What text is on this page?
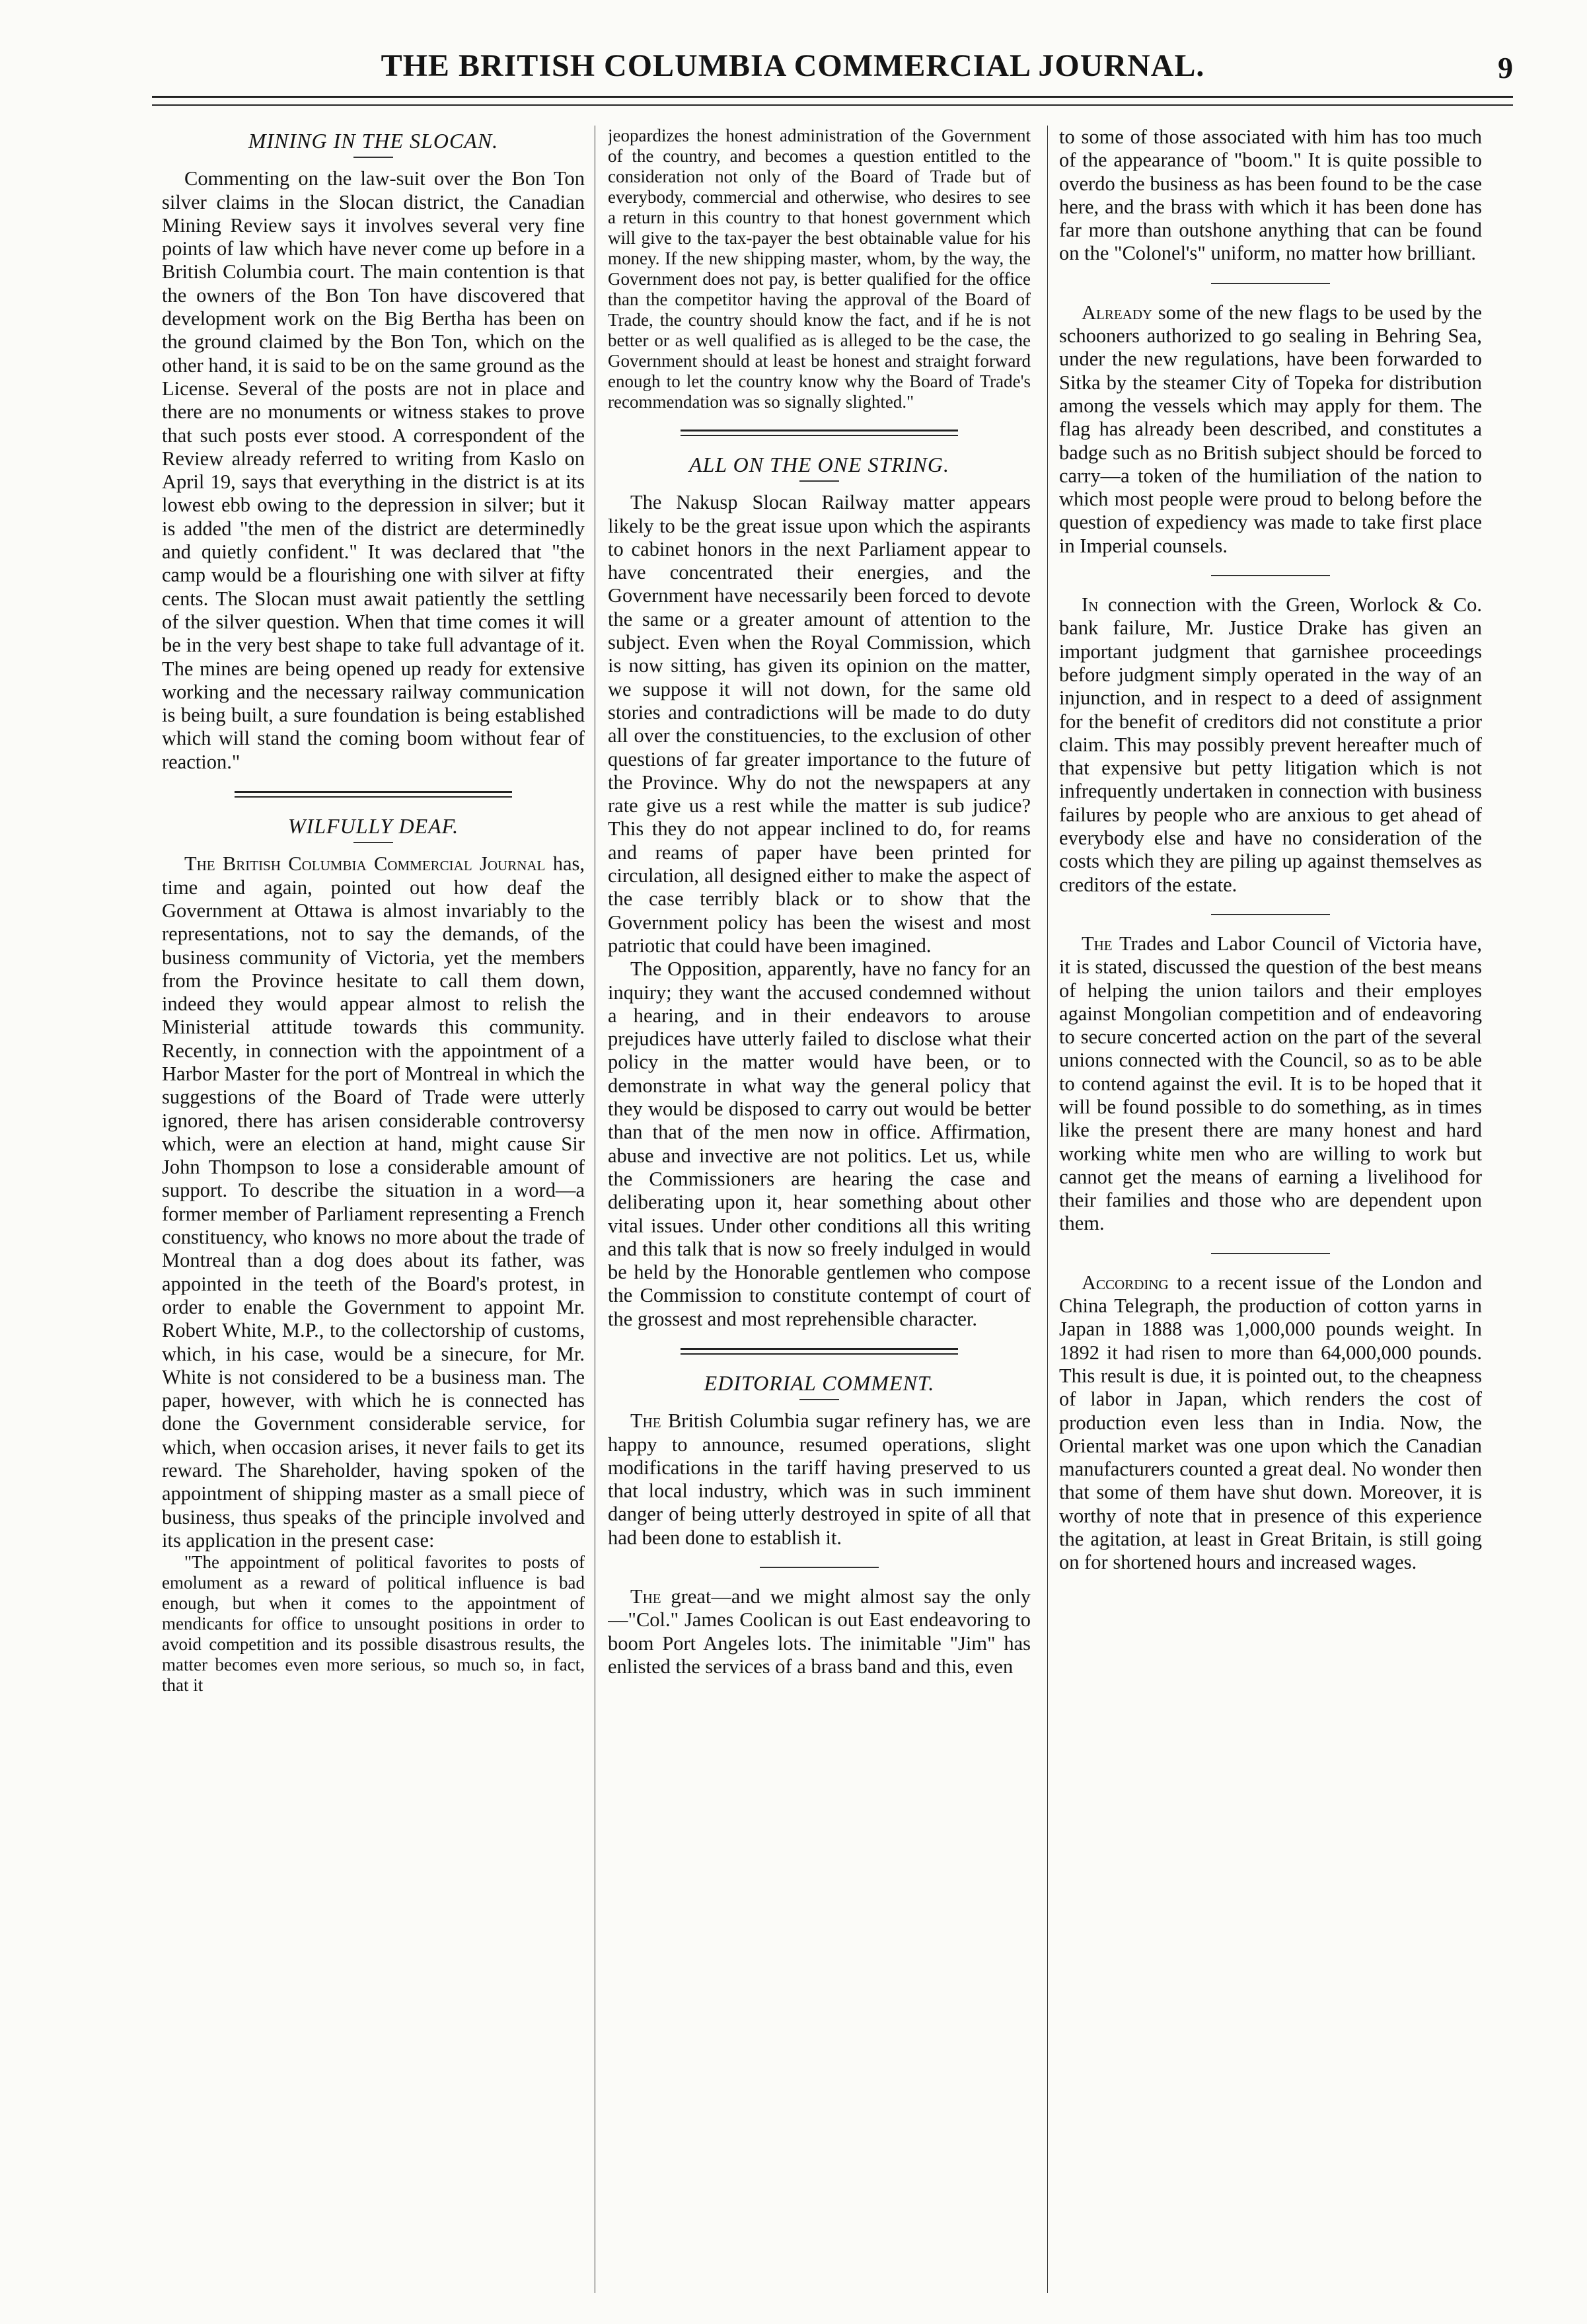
THE BRITISH COLUMBIA COMMERCIAL JOURNAL.	9
MINING IN THE SLOCAN.

Commenting on the law-suit over the Bon Ton silver claims in the Slocan district, the Canadian Mining Review says it involves several very fine points of law which have never come up before in a British Columbia court. The main contention is that the owners of the Bon Ton have discovered that development work on the Big Bertha has been on the ground claimed by the Bon Ton, which on the other hand, it is said to be on the same ground as the License. Several of the posts are not in place and there are no monuments or witness stakes to prove that such posts ever stood. A correspondent of the Review already referred to writing from Kaslo on April 19, says that everything in the district is at its lowest ebb owing to the depression in silver; but it is added "the men of the district are determinedly and quietly confident." It was declared that "the camp would be a flourishing one with silver at fifty cents. The Slocan must await patiently the settling of the silver question. When that time comes it will be in the very best shape to take full advantage of it. The mines are being opened up ready for extensive working and the necessary railway communication is being built, a sure foundation is being established which will stand the coming boom without fear of reaction."

WILFULLY DEAF.

The British Columbia Commercial Journal has, time and again, pointed out how deaf the Government at Ottawa is almost invariably to the representations, not to say the demands, of the business community of Victoria, yet the members from the Province hesitate to call them down, indeed they would appear almost to relish the Ministerial attitude towards this community. Recently, in connection with the appointment of a Harbor Master for the port of Montreal in which the suggestions of the Board of Trade were utterly ignored, there has arisen considerable controversy which, were an election at hand, might cause Sir John Thompson to lose a considerable amount of support. To describe the situation in a word—a former member of Parliament representing a French constituency, who knows no more about the trade of Montreal than a dog does about its father, was appointed in the teeth of the Board's protest, in order to enable the Government to appoint Mr. Robert White, M.P., to the collectorship of customs, which, in his case, would be a sinecure, for Mr. White is not considered to be a business man. The paper, however, with which he is connected has done the Government considerable service, for which, when occasion arises, it never fails to get its reward. The Shareholder, having spoken of the appointment of shipping master as a small piece of business, thus speaks of the principle involved and its application in the present case:

"The appointment of political favorites to posts of emolument as a reward of political influence is bad enough, but when it comes to the appointment of mendicants for office to unsought positions in order to avoid competition and its possible disastrous results, the matter becomes even more serious, so much so, in fact, that it

jeopardizes the honest administration of the Government of the country, and becomes a question entitled to the consideration not only of the Board of Trade but of everybody, commercial and otherwise, who desires to see a return in this country to that honest government which will give to the tax-payer the best obtainable value for his money. If the new shipping master, whom, by the way, the Government does not pay, is better qualified for the office than the competitor having the approval of the Board of Trade, the country should know the fact, and if he is not better or as well qualified as is alleged to be the case, the Government should at least be honest and straight forward enough to let the country know why the Board of Trade's recommendation was so signally slighted."

ALL ON THE ONE STRING.

The Nakusp Slocan Railway matter appears likely to be the great issue upon which the aspirants to cabinet honors in the next Parliament appear to have concentrated their energies, and the Government have necessarily been forced to devote the same or a greater amount of attention to the subject. Even when the Royal Commission, which is now sitting, has given its opinion on the matter, we suppose it will not down, for the same old stories and contradictions will be made to do duty all over the constituencies, to the exclusion of other questions of far greater importance to the future of the Province. Why do not the newspapers at any rate give us a rest while the matter is sub judice? This they do not appear inclined to do, for reams and reams of paper have been printed for circulation, all designed either to make the aspect of the case terribly black or to show that the Government policy has been the wisest and most patriotic that could have been imagined.

The Opposition, apparently, have no fancy for an inquiry; they want the accused condemned without a hearing, and in their endeavors to arouse prejudices have utterly failed to disclose what their policy in the matter would have been, or to demonstrate in what way the general policy that they would be disposed to carry out would be better than that of the men now in office. Affirmation, abuse and invective are not politics. Let us, while the Commissioners are hearing the case and deliberating upon it, hear something about other vital issues. Under other conditions all this writing and this talk that is now so freely indulged in would be held by the Honorable gentlemen who compose the Commission to constitute contempt of court of the grossest and most reprehensible character.

EDITORIAL COMMENT.

The British Columbia sugar refinery has, we are happy to announce, resumed operations, slight modifications in the tariff having preserved to us that local industry, which was in such imminent danger of being utterly destroyed in spite of all that had been done to establish it.

The great—and we might almost say the only—"Col." James Coolican is out East endeavoring to boom Port Angeles lots. The inimitable "Jim" has enlisted the services of a brass band and this, even

to some of those associated with him has too much of the appearance of "boom." It is quite possible to overdo the business as has been found to be the case here, and the brass with which it has been done has far more than outshone anything that can be found on the "Colonel's" uniform, no matter how brilliant.

Already some of the new flags to be used by the schooners authorized to go sealing in Behring Sea, under the new regulations, have been forwarded to Sitka by the steamer City of Topeka for distribution among the vessels which may apply for them. The flag has already been described, and constitutes a badge such as no British subject should be forced to carry—a token of the humiliation of the nation to which most people were proud to belong before the question of expediency was made to take first place in Imperial counsels.

In connection with the Green, Worlock & Co. bank failure, Mr. Justice Drake has given an important judgment that garnishee proceedings before judgment simply operated in the way of an injunction, and in respect to a deed of assignment for the benefit of creditors did not constitute a prior claim. This may possibly prevent hereafter much of that expensive but petty litigation which is not infrequently undertaken in connection with business failures by people who are anxious to get ahead of everybody else and have no consideration of the costs which they are piling up against themselves as creditors of the estate.

The Trades and Labor Council of Victoria have, it is stated, discussed the question of the best means of helping the union tailors and their employes against Mongolian competition and of endeavoring to secure concerted action on the part of the several unions connected with the Council, so as to be able to contend against the evil. It is to be hoped that it will be found possible to do something, as in times like the present there are many honest and hard working white men who are willing to work but cannot get the means of earning a livelihood for their families and those who are dependent upon them.

According to a recent issue of the London and China Telegraph, the production of cotton yarns in Japan in 1888 was 1,000,000 pounds weight. In 1892 it had risen to more than 64,000,000 pounds. This result is due, it is pointed out, to the cheapness of labor in Japan, which renders the cost of production even less than in India. Now, the Oriental market was one upon which the Canadian manufacturers counted a great deal. No wonder then that some of them have shut down. Moreover, it is worthy of note that in presence of this experience the agitation, at least in Great Britain, is still going on for shortened hours and increased wages.
